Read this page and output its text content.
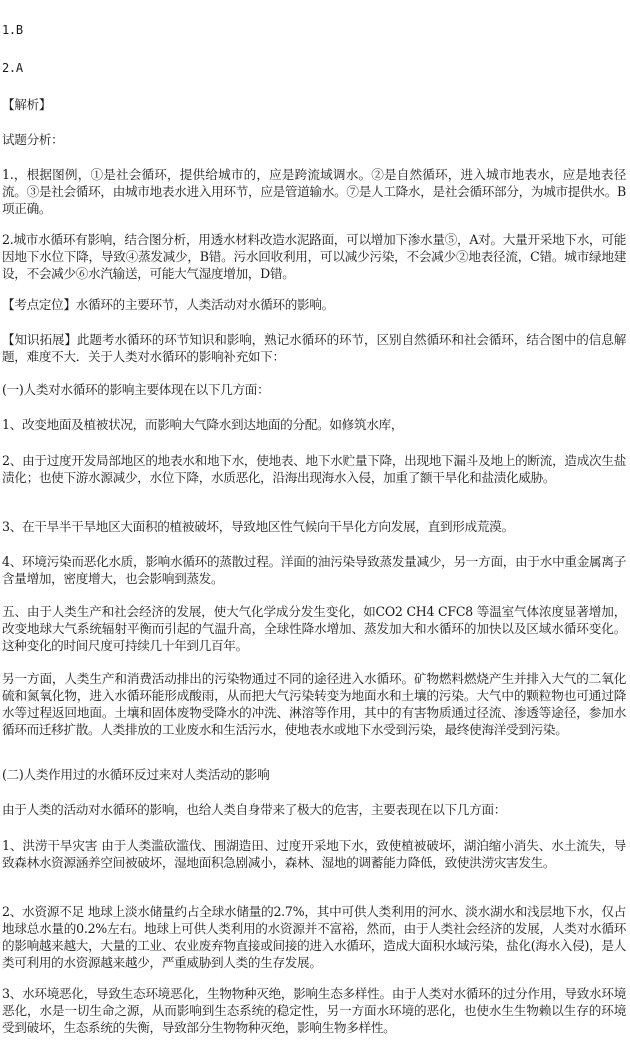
1.B

2.A

【解析】

试题分析：

1.，根据图例，①是社会循环，提供给城市的，应是跨流域调水。②是自然循环，进入城市地表水，应是地表径流。③是社会循环，由城市地表水进入用环节，应是管道输水。⑦是人工降水，是社会循环部分，为城市提供水。B项正确。

2.城市水循环有影响，结合图分析，用透水材料改造水泥路面，可以增加下渗水量⑤，A对。大量开采地下水，可能因地下水位下降，导致④蒸发减少，B错。污水回收利用，可以减少污染，不会减少②地表径流，C错。城市绿地建设，不会减少⑥水汽输送，可能大气湿度增加，D错。

【考点定位】水循环的主要环节，人类活动对水循环的影响。

【知识拓展】此题考水循环的环节知识和影响，熟记水循环的环节，区别自然循环和社会循环，结合图中的信息解题，难度不大．关于人类对水循环的影响补充如下：

(一)人类对水循环的影响主要体现在以下几方面：

1、改变地面及植被状况，而影响大气降水到达地面的分配。如修筑水库，

2、由于过度开发局部地区的地表水和地下水，使地表、地下水贮量下降，出现地下漏斗及地上的断流，造成次生盐渍化；也使下游水源减少，水位下降，水质恶化，沿海出现海水入侵，加重了额干旱化和盐渍化威胁。

3、在干旱半干旱地区大面积的植被破坏，导致地区性气候向干旱化方向发展，直到形成荒漠。

4、环境污染而恶化水质，影响水循环的蒸散过程。洋面的油污染导致蒸发量减少，另一方面，由于水中重金属离子含量增加，密度增大，也会影响到蒸发。

五、由于人类生产和社会经济的发展，使大气化学成分发生变化，如CO2 CH4 CFC8 等温室气体浓度显著增加，改变地球大气系统辐射平衡而引起的气温升高，全球性降水增加、蒸发加大和水循环的加快以及区域水循环变化。这种变化的时间尺度可持续几十年到几百年。

另一方面，人类生产和消费活动排出的污染物通过不同的途径进入水循环。矿物燃料燃烧产生并排入大气的二氧化硫和氮氧化物，进入水循环能形成酸雨，从而把大气污染转变为地面水和土壤的污染。大气中的颗粒物也可通过降水等过程返回地面。土壤和固体废物受降水的冲洗、淋溶等作用，其中的有害物质通过径流、渗透等途径，参加水循环而迁移扩散。人类排放的工业废水和生活污水，使地表水或地下水受到污染，最终使海洋受到污染。

(二)人类作用过的水循环反过来对人类活动的影响

由于人类的活动对水循环的影响，也给人类自身带来了极大的危害，主要表现在以下几方面：

1、洪涝干旱灾害 由于人类滥砍滥伐、围湖造田、过度开采地下水，致使植被破坏，湖泊缩小消失、水土流失，导致森林水资源涵养空间被破坏，湿地面积急剧减小，森林、湿地的调蓄能力降低，致使洪涝灾害发生。

2、水资源不足 地球上淡水储量约占全球水储量的2.7%，其中可供人类利用的河水、淡水湖水和浅层地下水，仅占地球总水量的0.2%左右。地球上可供人类利用的水资源并不富裕，然而，由于人类社会经济的发展，人类对水循环的影响越来越大，大量的工业、农业废弃物直接或间接的进入水循环，造成大面积水域污染，盐化(海水入侵)，是人类可利用的水资源越来越少，严重威胁到人类的生存发展。

3、水环境恶化，导致生态环境恶化，生物物种灭绝，影响生态多样性。由于人类对水循环的过分作用，导致水环境恶化，水是一切生命之源，从而影响到生态系统的稳定性，另一方面水环境的恶化，也使水生生物赖以生存的环境受到破坏，生态系统的失衡，导致部分生物物种灭绝，影响生物多样性。
